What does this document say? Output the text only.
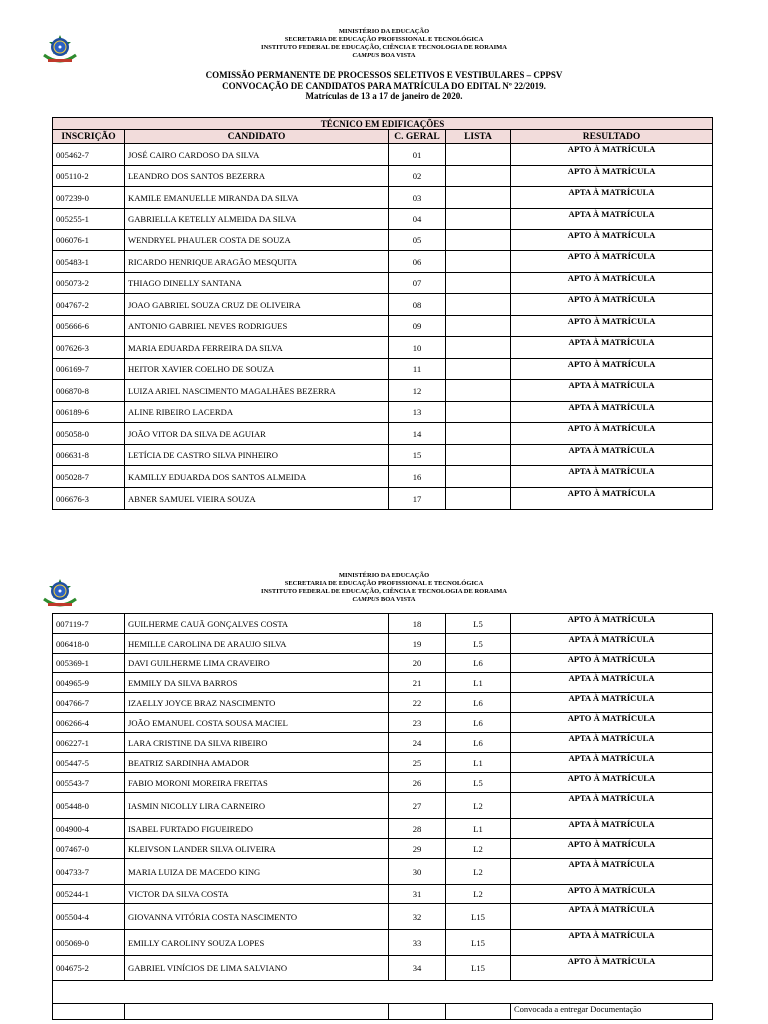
MINISTÉRIO DA EDUCAÇÃO
SECRETARIA DE EDUCAÇÃO PROFISSIONAL E TECNOLÓGICA
INSTITUTO FEDERAL DE EDUCAÇÃO, CIÊNCIA E TECNOLOGIA DE RORAIMA
CAMPUS BOA VISTA
COMISSÃO PERMANENTE DE PROCESSOS SELETIVOS E VESTIBULARES – CPPSV
CONVOCAÇÃO DE CANDIDATOS PARA MATRÍCULA DO EDITAL Nº 22/2019.
Matrículas de 13 a 17 de janeiro de 2020.
TÉCNICO EM EDIFICAÇÕES				
INSCRIÇÃO	CANDIDATO	C. GERAL	LISTA	RESULTADO
005462-7	JOSÉ CAIRO CARDOSO DA SILVA	01		APTO À MATRÍCULA
005110-2	LEANDRO DOS SANTOS BEZERRA	02		APTO À MATRÍCULA
007239-0	KAMILE EMANUELLE MIRANDA DA SILVA	03		APTA À MATRÍCULA
005255-1	GABRIELLA KETELLY ALMEIDA DA SILVA	04		APTA À MATRÍCULA
006076-1	WENDRYEL PHAULER COSTA DE SOUZA	05		APTO À MATRÍCULA
005483-1	RICARDO HENRIQUE ARAGÃO MESQUITA	06		APTO À MATRÍCULA
005073-2	THIAGO DINELLY SANTANA	07		APTO À MATRÍCULA
004767-2	JOAO GABRIEL SOUZA CRUZ DE OLIVEIRA	08		APTO À MATRÍCULA
005666-6	ANTONIO GABRIEL NEVES RODRIGUES	09		APTO À MATRÍCULA
007626-3	MARIA EDUARDA FERREIRA DA SILVA	10		APTA À MATRÍCULA
006169-7	HEITOR XAVIER COELHO DE SOUZA	11		APTO À MATRÍCULA
006870-8	LUIZA ARIEL NASCIMENTO MAGALHÃES BEZERRA	12		APTA À MATRÍCULA
006189-6	ALINE RIBEIRO LACERDA	13		APTA À MATRÍCULA
005058-0	JOÃO VITOR DA SILVA DE AGUIAR	14		APTO À MATRÍCULA
006631-8	LETÍCIA DE CASTRO SILVA PINHEIRO	15		APTA À MATRÍCULA
005028-7	KAMILLY EDUARDA DOS SANTOS ALMEIDA	16		APTA À MATRÍCULA
006676-3	ABNER SAMUEL VIEIRA SOUZA	17		APTO À MATRÍCULA
MINISTÉRIO DA EDUCAÇÃO
SECRETARIA DE EDUCAÇÃO PROFISSIONAL E TECNOLÓGICA
INSTITUTO FEDERAL DE EDUCAÇÃO, CIÊNCIA E TECNOLOGIA DE RORAIMA
CAMPUS BOA VISTA
007119-7	GUILHERME CAUÃ GONÇALVES COSTA	18	L5	APTO À MATRÍCULA
006418-0	HEMILLE CAROLINA DE ARAUJO SILVA	19	L5	APTA À MATRÍCULA
005369-1	DAVI GUILHERME LIMA CRAVEIRO	20	L6	APTO À MATRÍCULA
004965-9	EMMILY DA SILVA BARROS	21	L1	APTA À MATRÍCULA
004766-7	IZAELLY JOYCE BRAZ NASCIMENTO	22	L6	APTA À MATRÍCULA
006266-4	JOÃO EMANUEL COSTA SOUSA MACIEL	23	L6	APTO À MATRÍCULA
006227-1	LARA CRISTINE DA SILVA RIBEIRO	24	L6	APTA À MATRÍCULA
005447-5	BEATRIZ SARDINHA AMADOR	25	L1	APTA À MATRÍCULA
005543-7	FABIO MORONI MOREIRA FREITAS	26	L5	APTO À MATRÍCULA
005448-0	IASMIN NICOLLY LIRA CARNEIRO	27	L2	APTA À MATRÍCULA
004900-4	ISABEL FURTADO FIGUEIREDO	28	L1	APTA À MATRÍCULA
007467-0	KLEIVSON LANDER SILVA OLIVEIRA	29	L2	APTO À MATRÍCULA
004733-7	MARIA LUIZA DE MACEDO KING	30	L2	APTA À MATRÍCULA
005244-1	VICTOR DA SILVA COSTA	31	L2	APTO À MATRÍCULA
005504-4	GIOVANNA VITÓRIA COSTA NASCIMENTO	32	L15	APTA À MATRÍCULA
005069-0	EMILLY CAROLINY SOUZA LOPES	33	L15	APTA À MATRÍCULA
004675-2	GABRIEL VINÍCIOS DE LIMA SALVIANO	34	L15	APTO À MATRÍCULA

				Convocada a entregar Documentação
